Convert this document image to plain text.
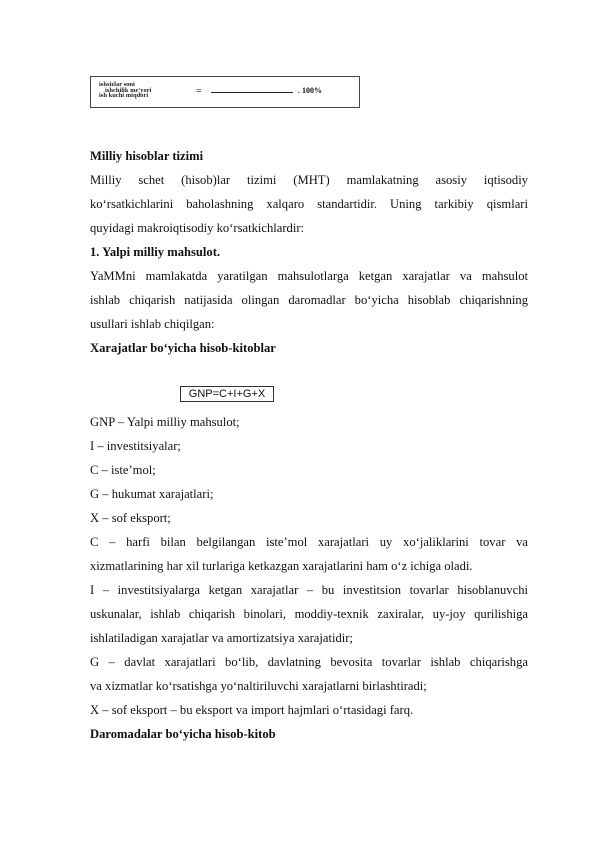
ishsizlar soni
ishchilik me'yori
ish kuchi miqdori	=	. 100%
Milliy hisoblar tizimi
Milliy schet (hisob)lar tizimi (MHT) mamlakatning asosiy iqtisodiy
ko‘rsatkichlarini baholashning xalqaro standartidir. Uning tarkibiy qismlari
quyidagi makroiqtisodiy ko‘rsatkichlardir:
1. Yalpi milliy mahsulot.
YaMMni mamlakatda yaratilgan mahsulotlarga ketgan xarajatlar va mahsulot
ishlab chiqarish natijasida olingan daromadlar bo‘yicha hisoblab chiqarishning
usullari ishlab chiqilgan:
Xarajatlar bo‘yicha hisob-kitoblar
GNP=C+I+G+X
GNP – Yalpi milliy mahsulot;
I – investitsiyalar;
C – iste’mol;
G – hukumat xarajatlari;
X – sof eksport;
C – harfi bilan belgilangan iste’mol xarajatlari uy xo‘jaliklarini tovar va
xizmatlarining har xil turlariga ketkazgan xarajatlarini ham o‘z ichiga oladi.
I – investitsiyalarga ketgan xarajatlar – bu investitsion tovarlar hisoblanuvchi
uskunalar, ishlab chiqarish binolari, moddiy-texnik zaxiralar, uy-joy qurilishiga
ishlatiladigan xarajatlar va amortizatsiya xarajatidir;
G – davlat xarajatlari bo‘lib, davlatning bevosita tovarlar ishlab chiqarishga
va xizmatlar ko‘rsatishga yo‘naltiriluvchi xarajatlarni birlashtiradi;
X – sof eksport – bu eksport va import hajmlari o‘rtasidagi farq.
Daromadalar bo‘yicha hisob-kitob
